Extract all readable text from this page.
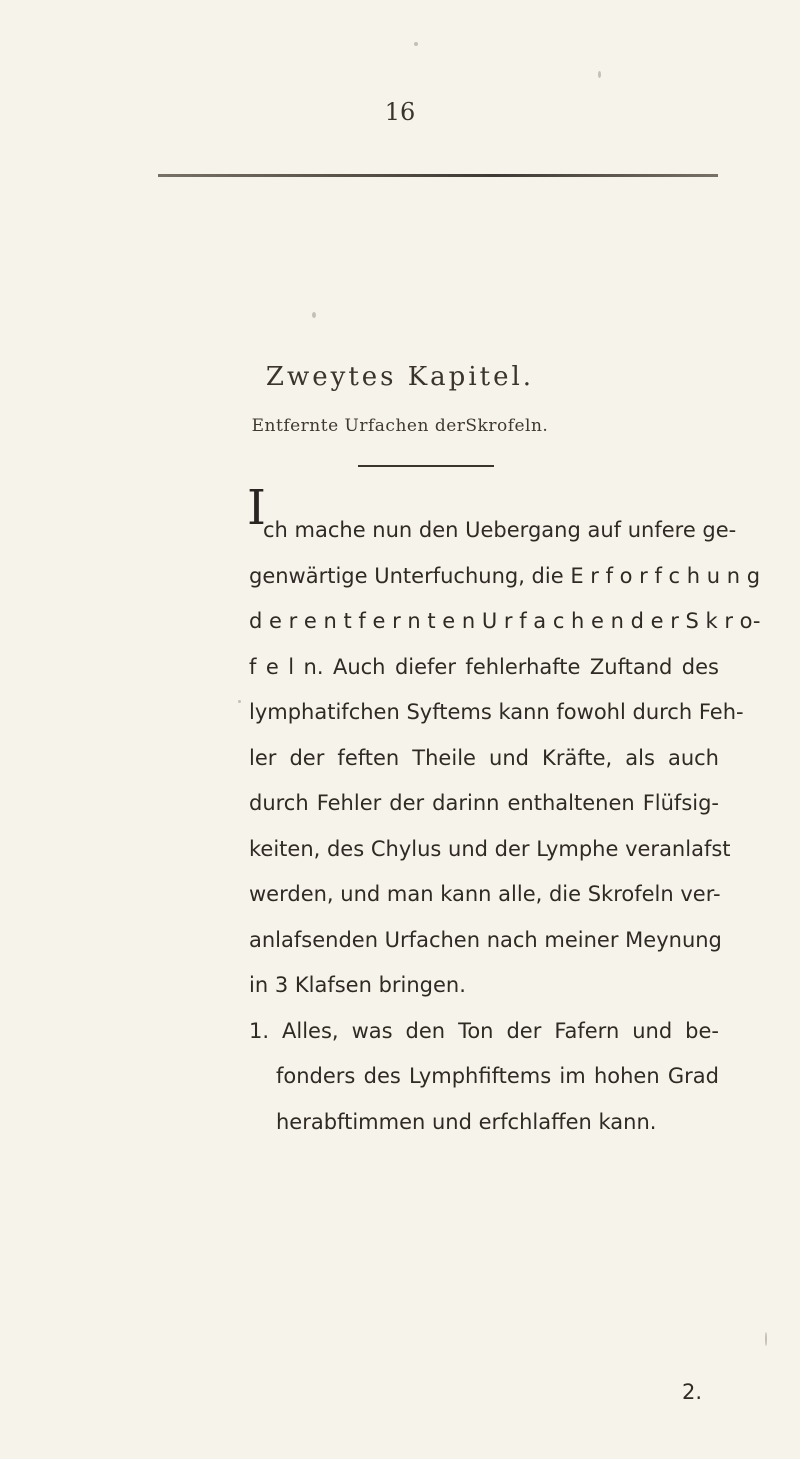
16
Zweytes Kapitel.
Entfernte Urfachen derSkrofeln.
I
ch mache nun den Uebergang auf unfere ge-
genwärtige Unterfuchung, die E r f o r f c h u n g
d e r e n t f e r n t e n U r f a c h e n d e r S k r o-
f e l n. Auch diefer fehlerhafte Zuftand des
lymphatifchen Syftems kann fowohl durch Feh-
ler der feften Theile und Kräfte, als auch
durch Fehler der darinn enthaltenen Flüfsig-
keiten, des Chylus und der Lymphe veranlafst
werden, und man kann alle, die Skrofeln ver-
anlafsenden Urfachen nach meiner Meynung
in 3 Klafsen bringen.
1. Alles, was den Ton der Fafern und be-
fonders des Lymphfiftems im hohen Grad
herabftimmen und erfchlaffen kann.
2.
